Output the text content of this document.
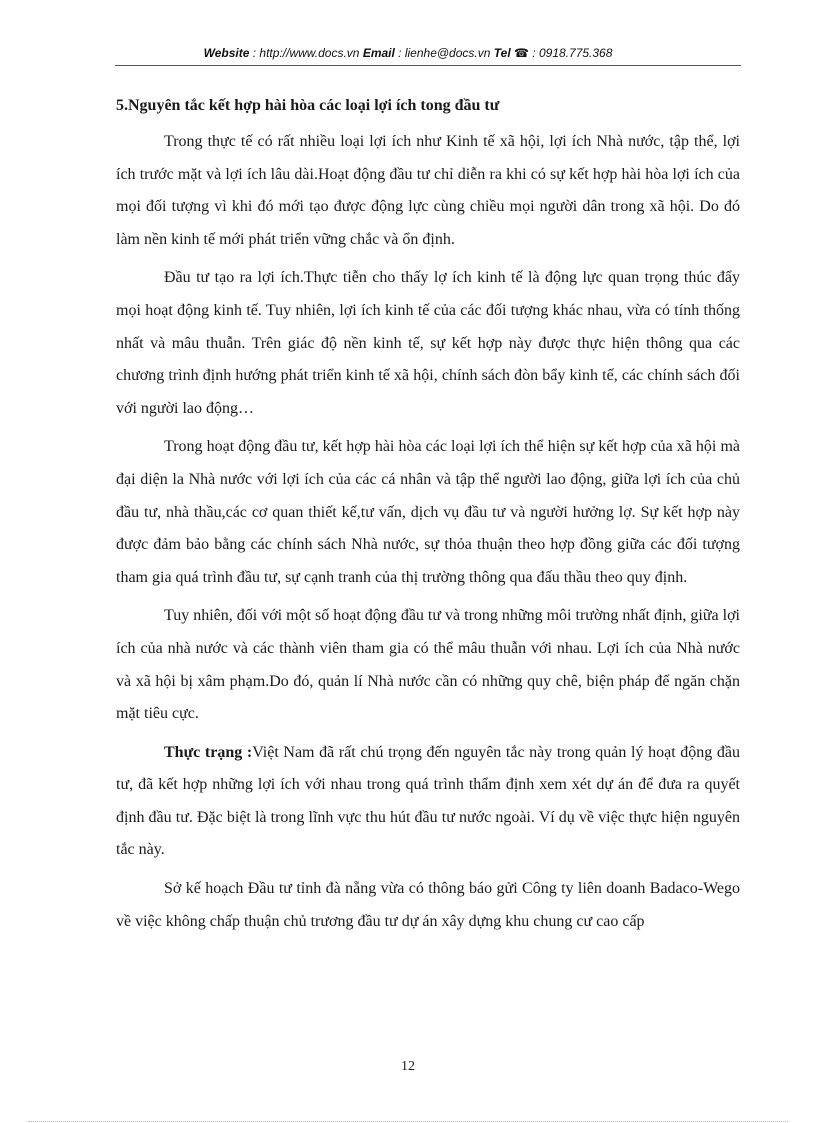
Website : http://www.docs.vn Email : lienhe@docs.vn Tel ☎ : 0918.775.368
5.Nguyên tắc kết hợp hài hòa các loại lợi ích tong đầu tư

Trong thực tế có rất nhiều loại lợi ích như Kinh tế xã hội, lợi ích Nhà nước, tập thể, lợi ích trước mặt và lợi ích lâu dài.Hoạt động đầu tư chỉ diễn ra khi có sự kết hợp hài hòa lợi ích của mọi đối tượng vì khi đó mới tạo được động lực cùng chiều mọi người dân trong xã hội. Do đó làm nền kinh tế mới phát triển vững chắc và ổn định.

Đầu tư tạo ra lợi ích.Thực tiễn cho thấy lợ ích kinh tế là động lực quan trọng thúc đẩy mọi hoạt động kinh tế. Tuy nhiên, lợi ích kinh tế của các đối tượng khác nhau, vừa có tính thống nhất và mâu thuẫn. Trên giác độ nền kinh tế, sự kết hợp này được thực hiện thông qua các chương trình định hướng phát triển kinh tế xã hội, chính sách đòn bẩy kinh tế, các chính sách đối với người lao động…

Trong hoạt động đầu tư, kết hợp hài hòa các loại lợi ích thể hiện sự kết hợp của xã hội mà đại diện la Nhà nước với lợi ích của các cá nhân và tập thể người lao động, giữa lợi ích của chủ đầu tư, nhà thầu,các cơ quan thiết kế,tư vấn, dịch vụ đầu tư và người hưởng lợ. Sự kết hợp này được đảm bảo bằng các chính sách Nhà nước, sự thỏa thuận theo hợp đồng giữa các đối tượng tham gia quá trình đầu tư, sự cạnh tranh của thị trường thông qua đấu thầu theo quy định.

Tuy nhiên, đối với một số hoạt động đầu tư và trong những môi trường nhất định, giữa lợi ích của nhà nước và các thành viên tham gia có thể mâu thuẫn với nhau. Lợi ích của Nhà nước và xã hội bị xâm phạm.Do đó, quản lí Nhà nước cần có những quy chê, biện pháp để ngăn chặn mặt tiêu cực.

Thực trạng :Việt Nam đã rất chú trọng đến nguyên tắc này trong quản lý hoạt động đầu tư, đã kết hợp những lợi ích với nhau trong quá trình thẩm định xem xét dự án để đưa ra quyết định đầu tư. Đặc biệt là trong lĩnh vực thu hút đầu tư nước ngoài. Ví dụ về việc thực hiện nguyên tắc này.

Sở kế hoạch Đầu tư tỉnh đà nẵng vừa có thông báo gửi Công ty liên doanh Badaco-Wego về việc không chấp thuận chủ trương đầu tư dự án xây dựng khu chung cư cao cấp

12
